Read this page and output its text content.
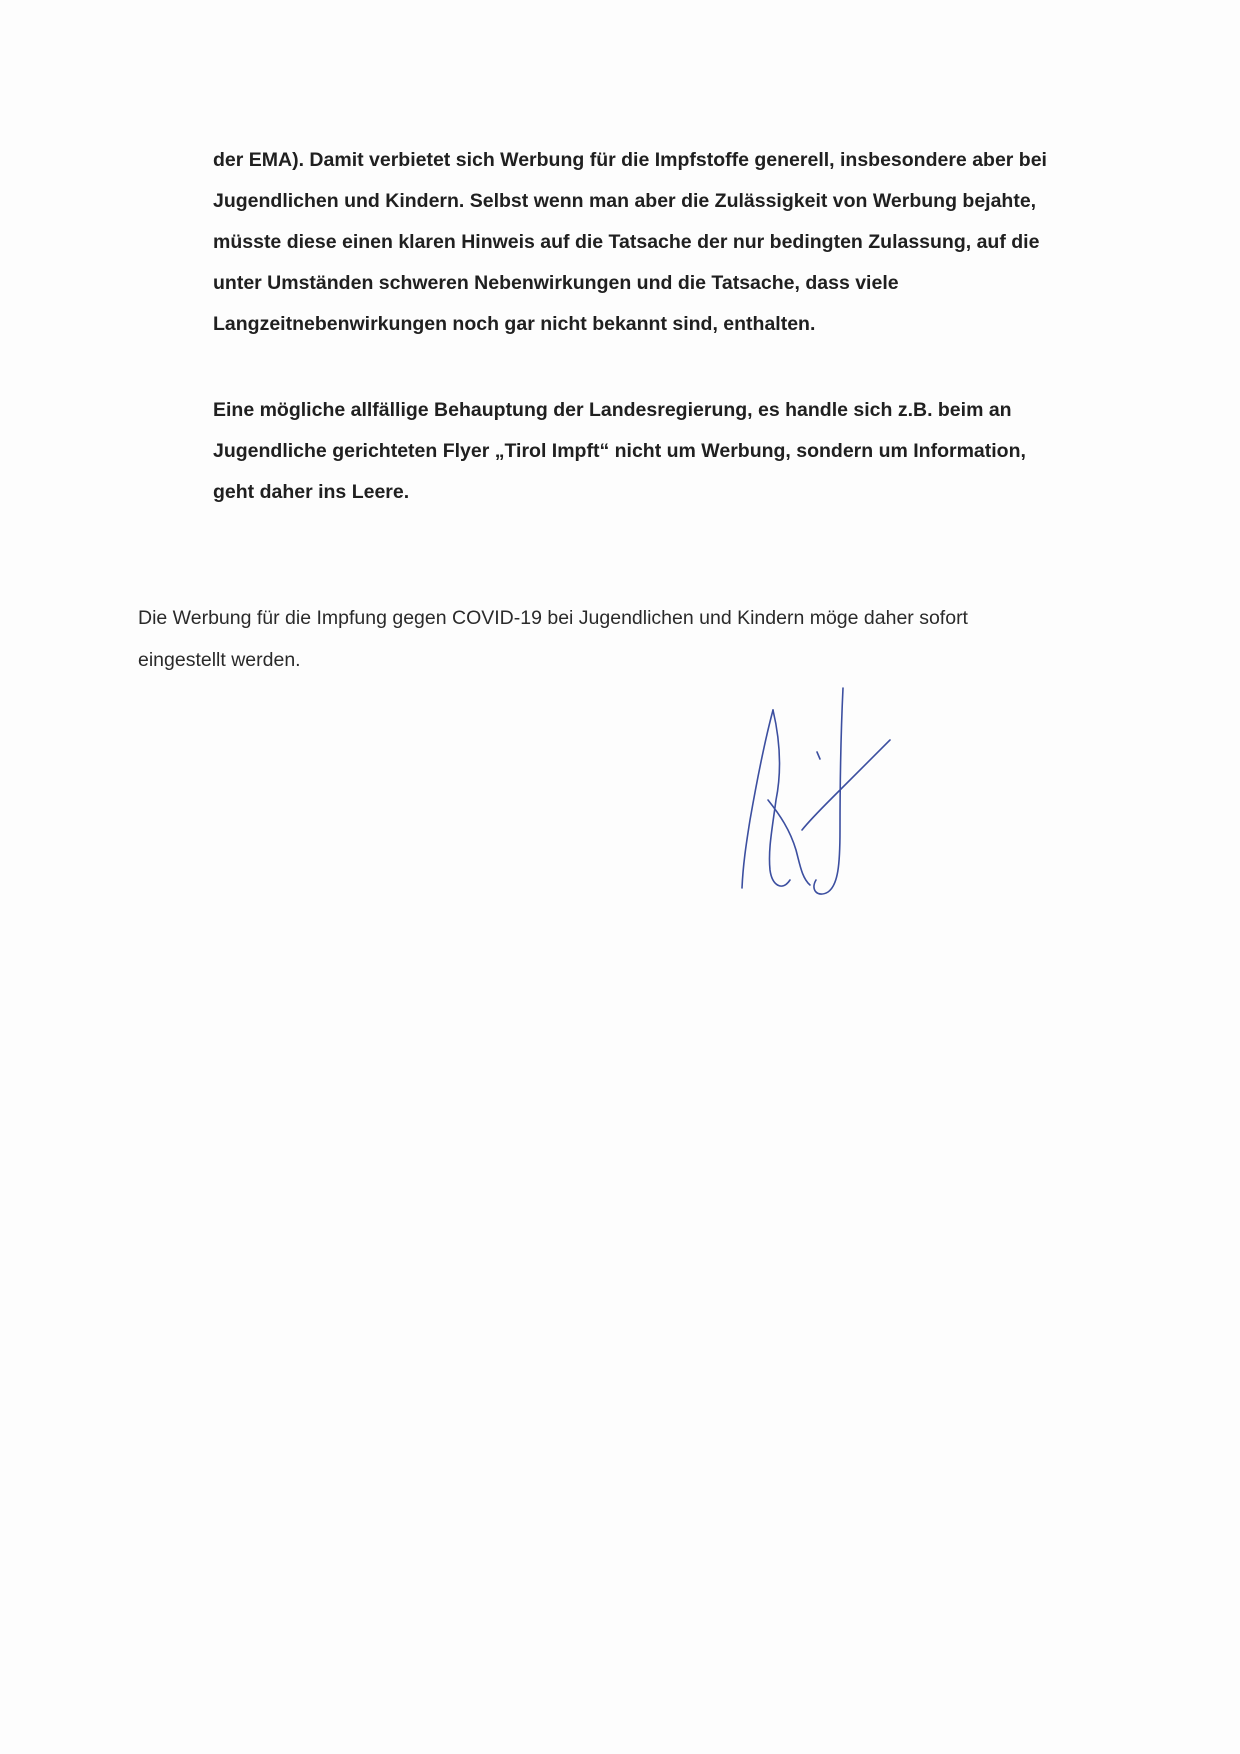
der EMA). Damit verbietet sich Werbung für die Impfstoffe generell, insbesondere aber bei
Jugendlichen und Kindern. Selbst wenn man aber die Zulässigkeit von Werbung bejahte,
müsste diese einen klaren Hinweis auf die Tatsache der nur bedingten Zulassung, auf die
unter Umständen schweren Nebenwirkungen und die Tatsache, dass viele
Langzeitnebenwirkungen noch gar nicht bekannt sind, enthalten.

Eine mögliche allfällige Behauptung der Landesregierung, es handle sich z.B. beim an
Jugendliche gerichteten Flyer „Tirol Impft“ nicht um Werbung, sondern um Information,
geht daher ins Leere.

Die Werbung für die Impfung gegen COVID-19 bei Jugendlichen und Kindern möge daher sofort
eingestellt werden.
